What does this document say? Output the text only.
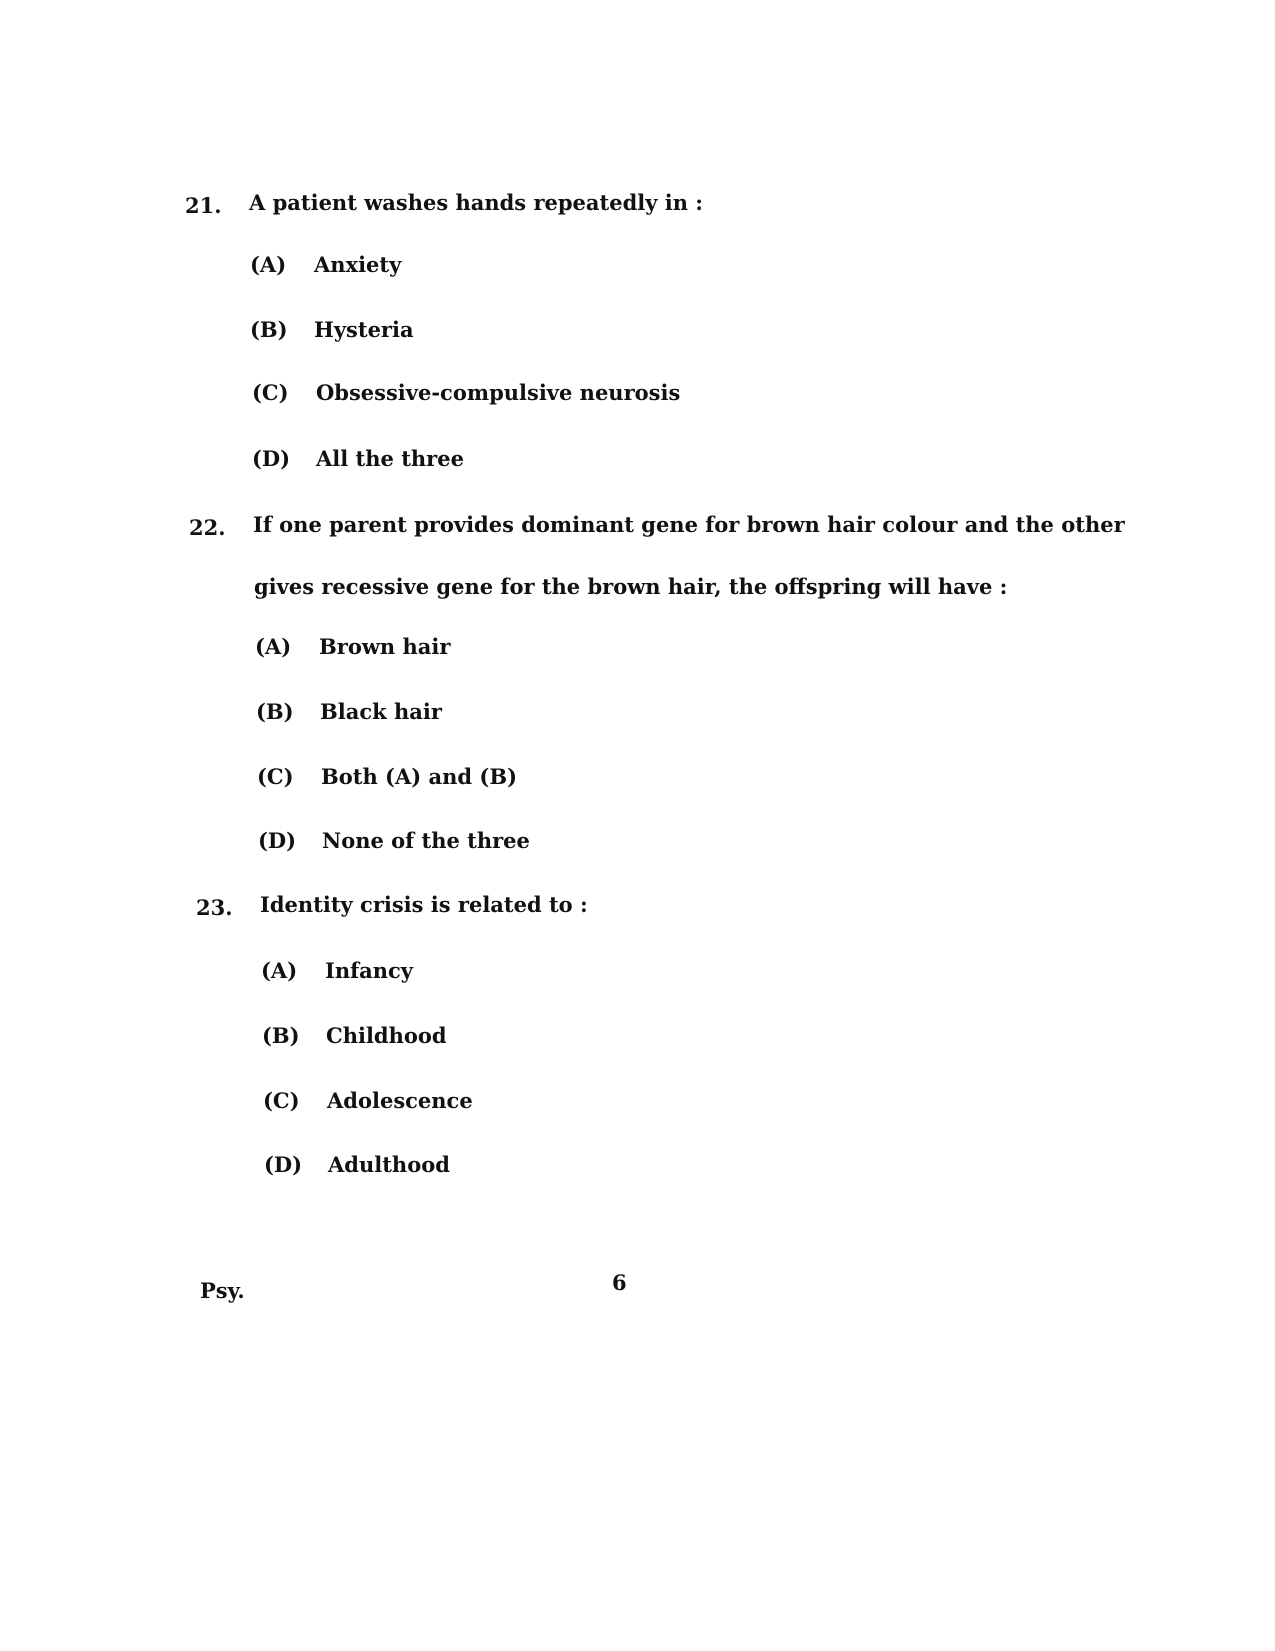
21. A patient washes hands repeatedly in :
(A) Anxiety
(B) Hysteria
(C) Obsessive-compulsive neurosis
(D) All the three
22. If one parent provides dominant gene for brown hair colour and the other
gives recessive gene for the brown hair, the offspring will have :
(A) Brown hair
(B) Black hair
(C) Both (A) and (B)
(D) None of the three
23. Identity crisis is related to :
(A) Infancy
(B) Childhood
(C) Adolescence
(D) Adulthood
Psy.	6
